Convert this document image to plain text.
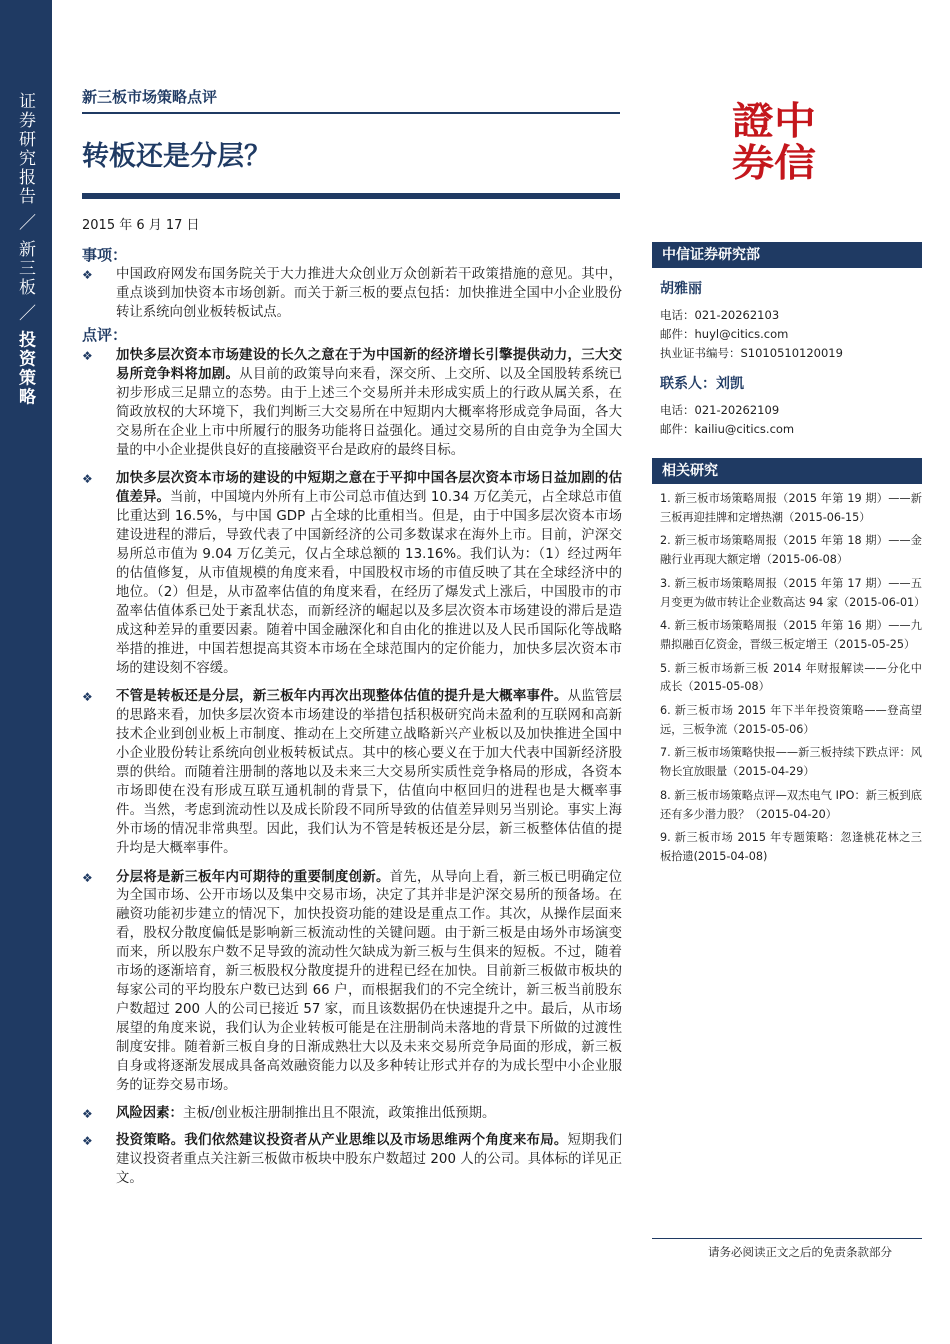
证券研究报告 ／ 新三板 ／ 投资策略
新三板市场策略点评
转板还是分层？
2015 年 6 月 17 日
事项：
❖ 中国政府网发布国务院关于大力推进大众创业万众创新若干政策措施的意见。其中，重点谈到加快资本市场创新。而关于新三板的要点包括：加快推进全国中小企业股份转让系统向创业板转板试点。
点评：
❖ 加快多层次资本市场建设的长久之意在于为中国新的经济增长引擎提供动力，三大交易所竞争料将加剧。从目前的政策导向来看，深交所、上交所、以及全国股转系统已初步形成三足鼎立的态势。由于上述三个交易所并未形成实质上的行政从属关系，在简政放权的大环境下，我们判断三大交易所在中短期内大概率将形成竞争局面，各大交易所在企业上市中所履行的服务功能将日益强化。通过交易所的自由竞争为全国大量的中小企业提供良好的直接融资平台是政府的最终目标。
❖ 加快多层次资本市场的建设的中短期之意在于平抑中国各层次资本市场日益加剧的估值差异。当前，中国境内外所有上市公司总市值达到 10.34 万亿美元，占全球总市值比重达到 16.5%，与中国 GDP 占全球的比重相当。但是，由于中国多层次资本市场建设进程的滞后，导致代表了中国新经济的公司多数谋求在海外上市。目前，沪深交易所总市值为 9.04 万亿美元，仅占全球总额的 13.16%。我们认为：（1）经过两年的估值修复，从市值规模的角度来看，中国股权市场的市值反映了其在全球经济中的地位。（2）但是，从市盈率估值的角度来看，在经历了爆发式上涨后，中国股市的市盈率估值体系已处于紊乱状态，而新经济的崛起以及多层次资本市场建设的滞后是造成这种差异的重要因素。随着中国金融深化和自由化的推进以及人民币国际化等战略举措的推进，中国若想提高其资本市场在全球范围内的定价能力，加快多层次资本市场的建设刻不容缓。
❖ 不管是转板还是分层，新三板年内再次出现整体估值的提升是大概率事件。从监管层的思路来看，加快多层次资本市场建设的举措包括积极研究尚未盈利的互联网和高新技术企业到创业板上市制度、推动在上交所建立战略新兴产业板以及加快推进全国中小企业股份转让系统向创业板转板试点。其中的核心要义在于加大代表中国新经济股票的供给。而随着注册制的落地以及未来三大交易所实质性竞争格局的形成，各资本市场即使在没有形成互联互通机制的背景下，估值向中枢回归的进程也是大概率事件。当然，考虑到流动性以及成长阶段不同所导致的估值差异则另当别论。事实上海外市场的情况非常典型。因此，我们认为不管是转板还是分层，新三板整体估值的提升均是大概率事件。
❖ 分层将是新三板年内可期待的重要制度创新。首先，从导向上看，新三板已明确定位为全国市场、公开市场以及集中交易市场，决定了其并非是沪深交易所的预备场。在融资功能初步建立的情况下，加快投资功能的建设是重点工作。其次，从操作层面来看，股权分散度偏低是影响新三板流动性的关键问题。由于新三板是由场外市场演变而来，所以股东户数不足导致的流动性欠缺成为新三板与生俱来的短板。不过，随着市场的逐渐培育，新三板股权分散度提升的进程已经在加快。目前新三板做市板块的每家公司的平均股东户数已达到 66 户，而根据我们的不完全统计，新三板当前股东户数超过 200 人的公司已接近 57 家，而且该数据仍在快速提升之中。最后，从市场展望的角度来说，我们认为企业转板可能是在注册制尚未落地的背景下所做的过渡性制度安排。随着新三板自身的日渐成熟壮大以及未来交易所竞争局面的形成，新三板自身或将逐渐发展成具备高效融资能力以及多种转让形式并存的为成长型中小企业服务的证券交易市场。
❖ 风险因素：主板/创业板注册制推出且不限流，政策推出低预期。
❖ 投资策略。我们依然建议投资者从产业思维以及市场思维两个角度来布局。短期我们建议投资者重点关注新三板做市板块中股东户数超过 200 人的公司。具体标的详见正文。
證中
券信
中信证券研究部
胡雅丽
电话：021-20262103
邮件：huyl@citics.com
执业证书编号：S1010510120019
联系人：刘凯
电话：021-20262109
邮件：kailiu@citics.com
相关研究
1. 新三板市场策略周报（2015 年第 19 期）——新三板再迎挂牌和定增热潮（2015-06-15）
2. 新三板市场策略周报（2015 年第 18 期）——金融行业再现大额定增（2015-06-08）
3. 新三板市场策略周报（2015 年第 17 期）——五月变更为做市转让企业数高达 94 家（2015-06-01）
4. 新三板市场策略周报（2015 年第 16 期）——九鼎拟融百亿资金，晋级三板定增王（2015-05-25）
5. 新三板市场新三板 2014 年财报解读——分化中成长（2015-05-08）
6. 新三板市场 2015 年下半年投资策略——登高望远，三板争流（2015-05-06）
7. 新三板市场策略快报——新三板持续下跌点评：风物长宜放眼量（2015-04-29）
8. 新三板市场策略点评—双杰电气 IPO：新三板到底还有多少潜力股？（2015-04-20）
9. 新三板市场 2015 年专题策略：忽逢桃花林之三板拾遗(2015-04-08)
请务必阅读正文之后的免责条款部分
